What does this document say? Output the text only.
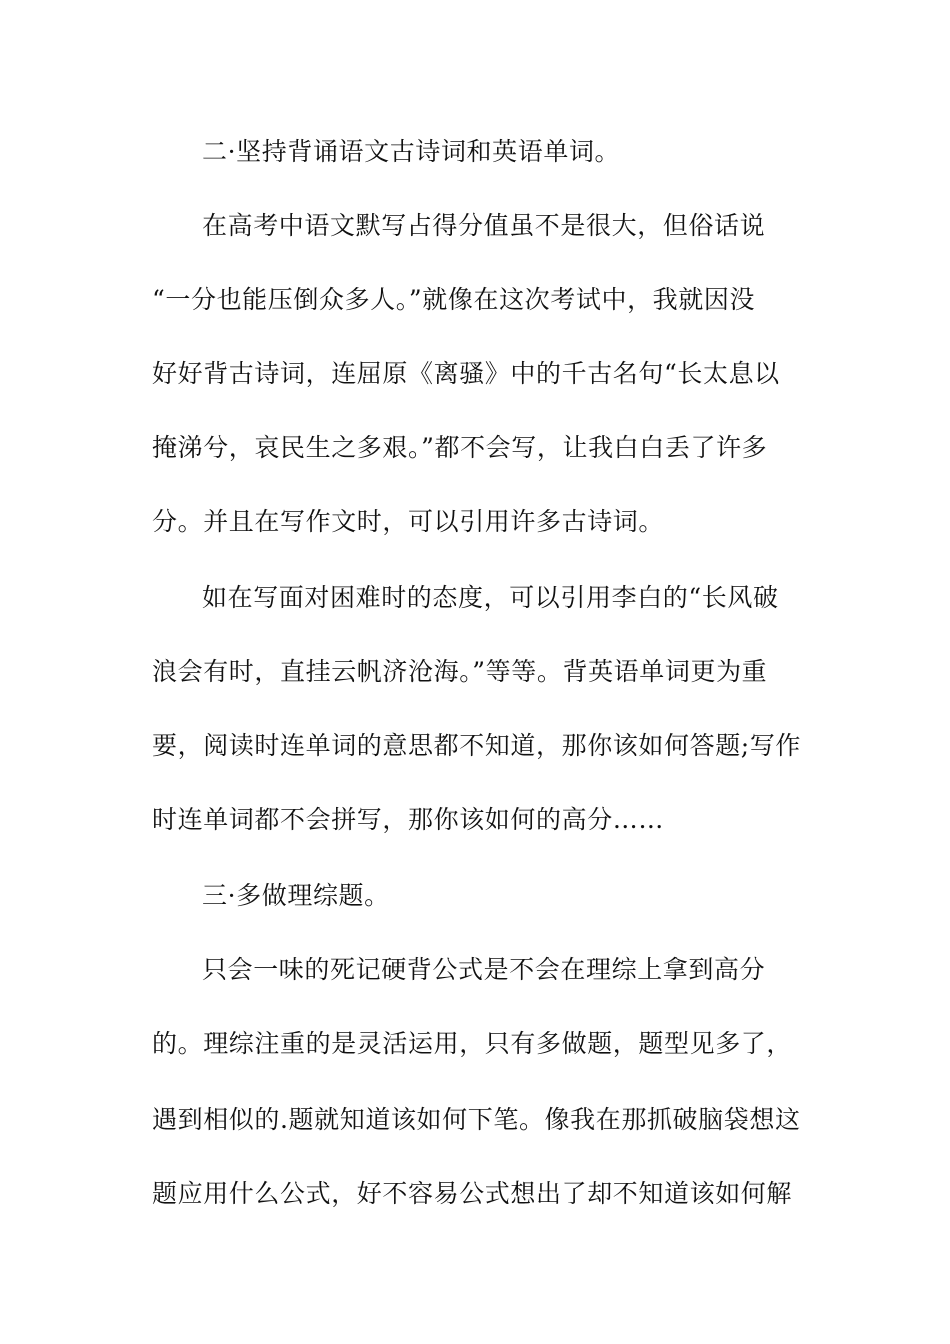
二·坚持背诵语文古诗词和英语单词。
在高考中语文默写占得分值虽不是很大，但俗话说
“一分也能压倒众多人。”就像在这次考试中，我就因没
好好背古诗词，连屈原《离骚》中的千古名句“长太息以
掩涕兮，哀民生之多艰。”都不会写，让我白白丢了许多
分。并且在写作文时，可以引用许多古诗词。
如在写面对困难时的态度，可以引用李白的“长风破
浪会有时，直挂云帆济沧海。”等等。背英语单词更为重
要，阅读时连单词的意思都不知道，那你该如何答题;写作
时连单词都不会拼写，那你该如何的高分……
三·多做理综题。
只会一味的死记硬背公式是不会在理综上拿到高分
的。理综注重的是灵活运用，只有多做题，题型见多了，
遇到相似的.题就知道该如何下笔。像我在那抓破脑袋想这
题应用什么公式，好不容易公式想出了却不知道该如何解
